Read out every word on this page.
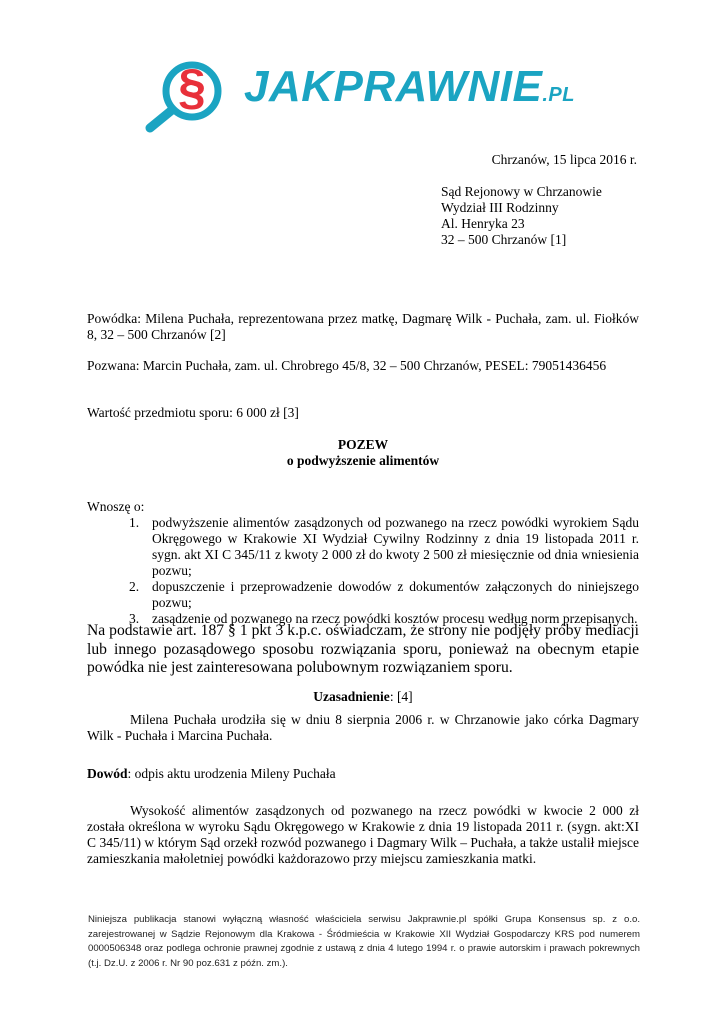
§ JAKPRAWNIE.PL
Chrzanów, 15 lipca 2016 r.
Sąd Rejonowy w Chrzanowie
Wydział III Rodzinny
Al. Henryka 23
32 – 500 Chrzanów [1]
Powódka: Milena Puchała, reprezentowana przez matkę, Dagmarę Wilk - Puchała, zam. ul. Fiołków 8, 32 – 500 Chrzanów [2]
Pozwana: Marcin Puchała, zam. ul. Chrobrego 45/8, 32 – 500 Chrzanów, PESEL: 79051436456
Wartość przedmiotu sporu: 6 000 zł [3]
POZEW
o podwyższenie alimentów
Wnoszę o:
1. podwyższenie alimentów zasądzonych od pozwanego na rzecz powódki wyrokiem Sądu Okręgowego w Krakowie XI Wydział Cywilny Rodzinny z dnia 19 listopada 2011 r. sygn. akt XI C 345/11 z kwoty 2 000 zł do kwoty 2 500 zł miesięcznie od dnia wniesienia pozwu;
2. dopuszczenie i przeprowadzenie dowodów z dokumentów załączonych do niniejszego pozwu;
3. zasądzenie od pozwanego na rzecz powódki kosztów procesu według norm przepisanych.
Na podstawie art. 187 § 1 pkt 3 k.p.c. oświadczam, że strony nie podjęły próby mediacji lub innego pozasądowego sposobu rozwiązania sporu, ponieważ na obecnym etapie powódka nie jest zainteresowana polubownym rozwiązaniem sporu.
Uzasadnienie: [4]
Milena Puchała urodziła się w dniu 8 sierpnia 2006 r. w Chrzanowie jako córka Dagmary Wilk - Puchała i Marcina Puchała.
Dowód: odpis aktu urodzenia Mileny Puchała
Wysokość alimentów zasądzonych od pozwanego na rzecz powódki w kwocie 2 000 zł została określona w wyroku Sądu Okręgowego w Krakowie z dnia 19 listopada 2011 r. (sygn. akt:XI C 345/11) w którym Sąd orzekł rozwód pozwanego i Dagmary Wilk – Puchała, a także ustalił miejsce zamieszkania małoletniej powódki każdorazowo przy miejscu zamieszkania matki.
Niniejsza publikacja stanowi wyłączną własność właściciela serwisu Jakprawnie.pl spółki Grupa Konsensus sp. z o.o. zarejestrowanej w Sądzie Rejonowym dla Krakowa - Śródmieścia w Krakowie XII Wydział Gospodarczy KRS pod numerem 0000506348 oraz podlega ochronie prawnej zgodnie z ustawą z dnia 4 lutego 1994 r. o prawie autorskim i prawach pokrewnych (t.j. Dz.U. z 2006 r. Nr 90 poz.631 z późn. zm.).
